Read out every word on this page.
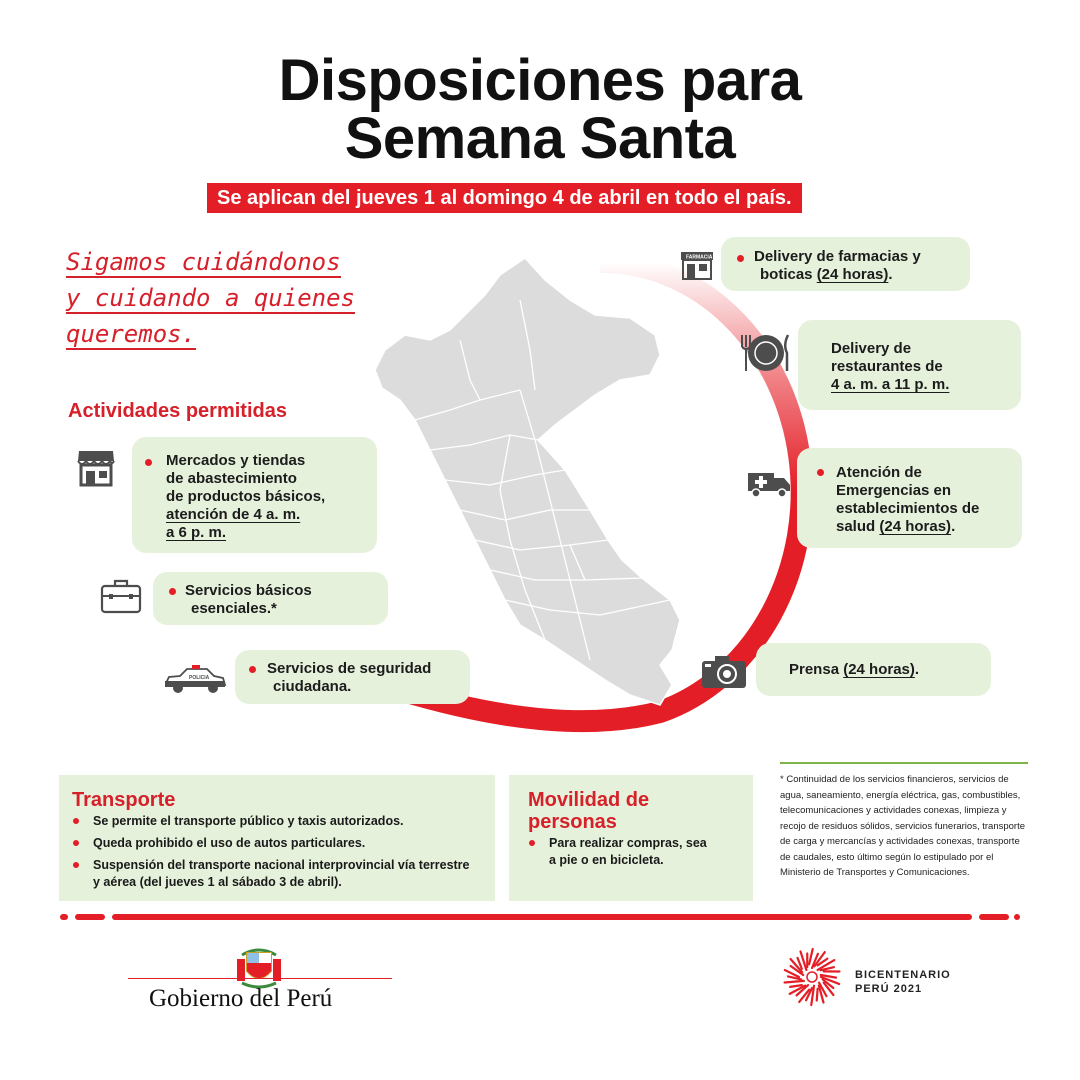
Disposiciones para
Semana Santa
Se aplican del jueves 1 al domingo 4 de abril en todo el país.
Sigamos cuidándonos
y cuidando a quienes
queremos.
Actividades permitidas
Mercados y tiendas
de abastecimiento
de productos básicos,
atención de 4 a. m.
a 6 p. m.
Servicios básicos
esenciales.*
POLICIA
Servicios de seguridad
ciudadana.
FARMACIA	Delivery de farmacias y
boticas (24 horas).
Delivery de
restaurantes de
4 a. m. a 11 p. m.
Atención de
Emergencias en
establecimientos de
salud (24 horas).
Prensa (24 horas).
Transporte
Se permite el transporte público y taxis autorizados.
Queda prohibido el uso de autos particulares.
Suspensión del transporte nacional interprovincial vía terrestre y aérea (del jueves 1 al sábado 3 de abril).
Movilidad de
personas
Para realizar compras, sea a pie o en bicicleta.
* Continuidad de los servicios financieros, servicios de agua, saneamiento, energía eléctrica, gas, combustibles, telecomunicaciones y actividades conexas, limpieza y recojo de residuos sólidos, servicios funerarios, transporte de carga y mercancías y actividades conexas, transporte de caudales, esto último según lo estipulado por el Ministerio de Transportes y Comunicaciones.
Gobierno del Perú
BICENTENARIO
PERÚ 2021
